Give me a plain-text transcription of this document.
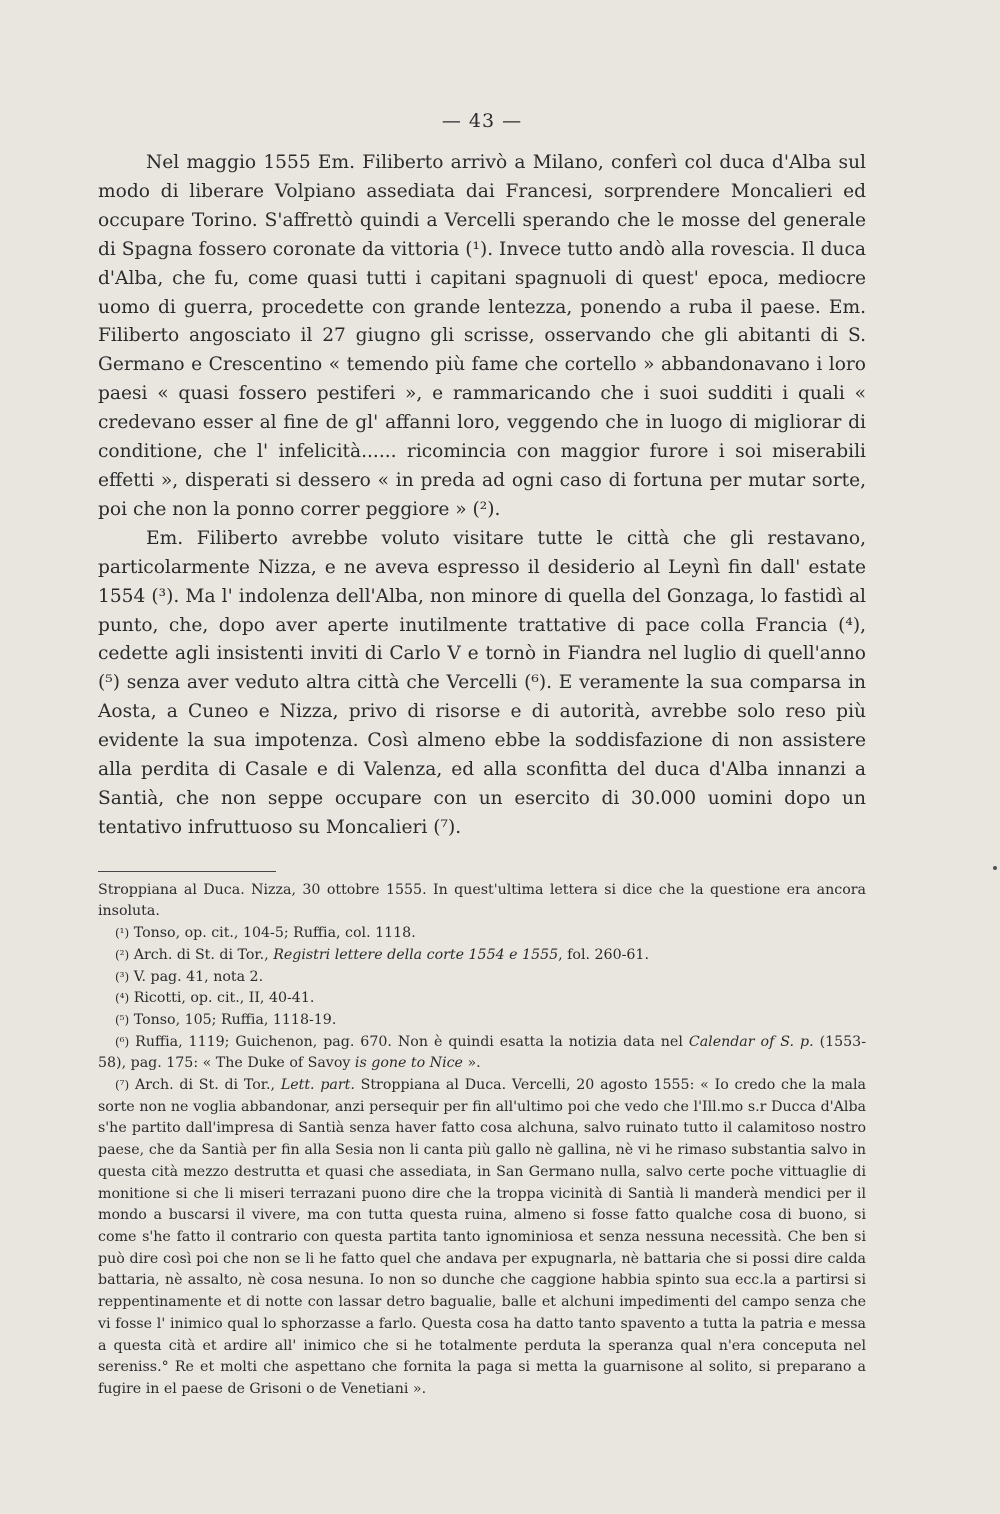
— 43 —

Nel maggio 1555 Em. Filiberto arrivò a Milano, conferì col duca d'Alba sul modo di liberare Volpiano assediata dai Francesi, sorprendere Moncalieri ed occupare Torino. S'affrettò quindi a Vercelli sperando che le mosse del generale di Spagna fossero coronate da vittoria (¹). Invece tutto andò alla rovescia. Il duca d'Alba, che fu, come quasi tutti i capitani spagnuoli di quest' epoca, mediocre uomo di guerra, procedette con grande lentezza, ponendo a ruba il paese. Em. Filiberto angosciato il 27 giugno gli scrisse, osservando che gli abitanti di S. Germano e Crescentino « temendo più fame che cortello » abbandonavano i loro paesi « quasi fossero pestiferi », e rammaricando che i suoi sudditi i quali « credevano esser al fine de gl' affanni loro, veggendo che in luogo di migliorar di conditione, che l' infelicità...... ricomincia con maggior furore i soi miserabili effetti », disperati si dessero « in preda ad ogni caso di fortuna per mutar sorte, poi che non la ponno correr peggiore » (²).

Em. Filiberto avrebbe voluto visitare tutte le città che gli restavano, particolarmente Nizza, e ne aveva espresso il desiderio al Leynì fin dall' estate 1554 (³). Ma l' indolenza dell'Alba, non minore di quella del Gonzaga, lo fastidì al punto, che, dopo aver aperte inutilmente trattative di pace colla Francia (⁴), cedette agli insistenti inviti di Carlo V e tornò in Fiandra nel luglio di quell'anno (⁵) senza aver veduto altra città che Vercelli (⁶). E veramente la sua comparsa in Aosta, a Cuneo e Nizza, privo di risorse e di autorità, avrebbe solo reso più evidente la sua impotenza. Così almeno ebbe la soddisfazione di non assistere alla perdita di Casale e di Valenza, ed alla sconfitta del duca d'Alba innanzi a Santià, che non seppe occupare con un esercito di 30.000 uomini dopo un tentativo infruttuoso su Moncalieri (⁷).

Stroppiana al Duca. Nizza, 30 ottobre 1555. In quest'ultima lettera si dice che la questione era ancora insoluta.

(¹) Tonso, op. cit., 104-5; Ruffia, col. 1118.

(²) Arch. di St. di Tor., Registri lettere della corte 1554 e 1555, fol. 260-61.

(³) V. pag. 41, nota 2.

(⁴) Ricotti, op. cit., II, 40-41.

(⁵) Tonso, 105; Ruffia, 1118-19.

(⁶) Ruffia, 1119; Guichenon, pag. 670. Non è quindi esatta la notizia data nel Calendar of S. p. (1553-58), pag. 175: « The Duke of Savoy is gone to Nice ».

(⁷) Arch. di St. di Tor., Lett. part. Stroppiana al Duca. Vercelli, 20 agosto 1555: « Io credo che la mala sorte non ne voglia abbandonar, anzi persequir per fin all'ultimo poi che vedo che l'Ill.mo s.r Ducca d'Alba s'he partito dall'impresa di Santià senza haver fatto cosa alchuna, salvo ruinato tutto il calamitoso nostro paese, che da Santià per fin alla Sesia non li canta più gallo nè gallina, nè vi he rimaso substantia salvo in questa cità mezzo destrutta et quasi che assediata, in San Germano nulla, salvo certe poche vittuaglie di monitione si che li miseri terrazani puono dire che la troppa vicinità di Santià li manderà mendici per il mondo a buscarsi il vivere, ma con tutta questa ruina, almeno si fosse fatto qualche cosa di buono, si come s'he fatto il contrario con questa partita tanto ignominiosa et senza nessuna necessità. Che ben si può dire così poi che non se li he fatto quel che andava per expugnarla, nè battaria che si possi dire calda battaria, nè assalto, nè cosa nesuna. Io non so dunche che caggione habbia spinto sua ecc.la a partirsi si reppentinamente et di notte con lassar detro bagualie, balle et alchuni impedimenti del campo senza che vi fosse l' inimico qual lo sphorzasse a farlo. Questa cosa ha datto tanto spavento a tutta la patria e messa a questa cità et ardire all' inimico che si he totalmente perduta la speranza qual n'era conceputa nel sereniss.° Re et molti che aspettano che fornita la paga si metta la guarnisone al solito, si preparano a fugire in el paese de Grisoni o de Venetiani ».
